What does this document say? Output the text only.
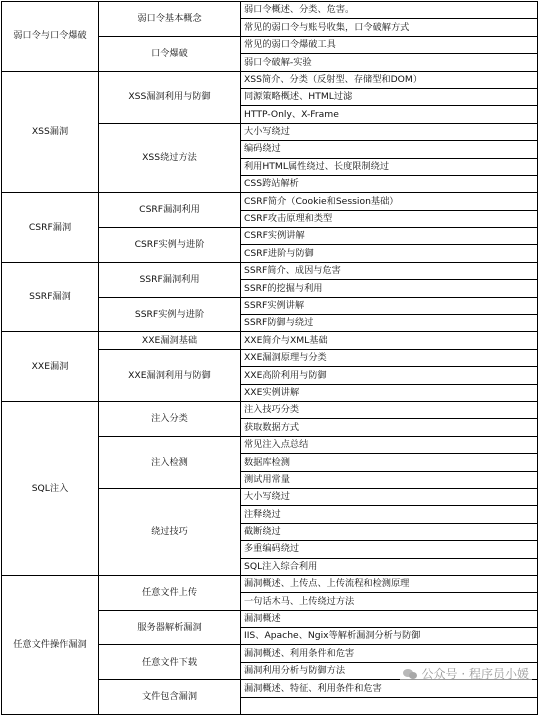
弱口令与口令爆破	弱口令基本概念	弱口令概述、分类、危害。
		常见的弱口令与账号收集，口令破解方式
	口令爆破	常见的弱口令爆破工具
		弱口令破解-实验
XSS漏洞	XSS漏洞利用与防御	XSS简介、分类（反射型、存储型和DOM）
		同源策略概述、HTML过滤
		HTTP-Only、X-Frame
	XSS绕过方法	大小写绕过
		编码绕过
		利用HTML属性绕过、长度限制绕过
		CSS跨站解析
CSRF漏洞	CSRF漏洞利用	CSRF简介（Cookie和Session基础）
		CSRF攻击原理和类型
	CSRF实例与进阶	CSRF实例讲解
		CSRF进阶与防御
SSRF漏洞	SSRF漏洞利用	SSRF简介、成因与危害
		SSRF的挖掘与利用
	SSRF实例与进阶	SSRF实例讲解
		SSRF防御与绕过
XXE漏洞	XXE漏洞基础	XXE简介与XML基础
	XXE漏洞利用与防御	XXE漏洞原理与分类
		XXE高阶利用与防御
		XXE实例讲解
SQL注入	注入分类	注入技巧分类
		获取数据方式
	注入检测	常见注入点总结
		数据库检测
		测试用常量
	绕过技巧	大小写绕过
		注释绕过
		截断绕过
		多重编码绕过
		SQL注入综合利用
任意文件操作漏洞	任意文件上传	漏洞概述、上传点、上传流程和检测原理
		一句话木马、上传绕过方法
	服务器解析漏洞	漏洞概述
		IIS、Apache、Ngix等解析漏洞分析与防御
	任意文件下载	漏洞概述、利用条件和危害
		漏洞利用分析与防御方法
	文件包含漏洞	漏洞概述、特征、利用条件和危害

公众号 · 程序员小媛
